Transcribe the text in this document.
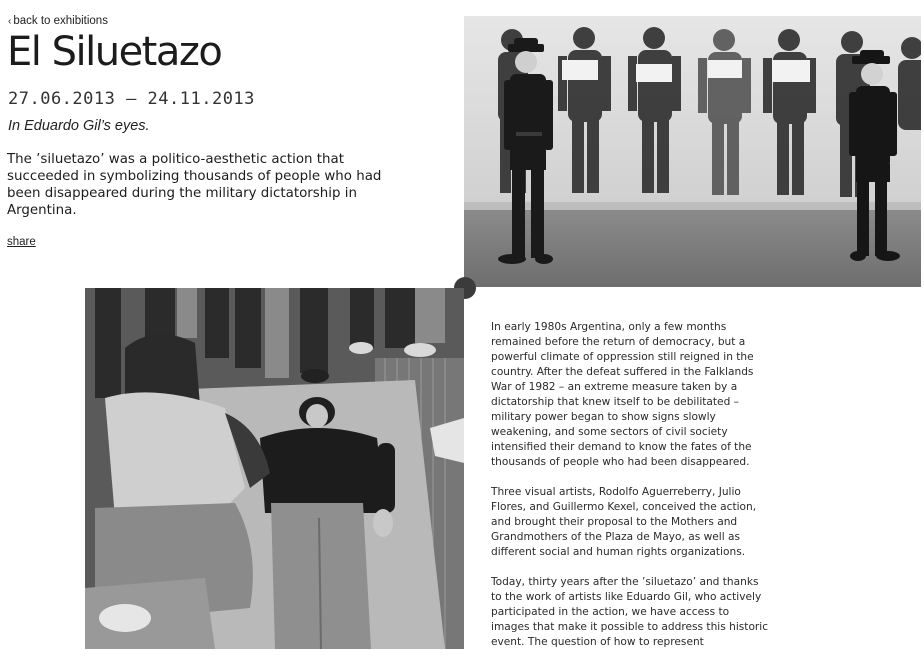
‹ back to exhibitions
El Siluetazo
27.06.2013 — 24.11.2013
In Eduardo Gil’s eyes.

The ’siluetazo’ was a politico-aesthetic action that succeeded in symbolizing thousands of people who had been disappeared during the military dictatorship in Argentina.

share

In early 1980s Argentina, only a few months remained before the return of democracy, but a powerful climate of oppression still reigned in the country. After the defeat suffered in the Falklands War of 1982 – an extreme measure taken by a dictatorship that knew itself to be debilitated – military power began to show signs slowly weakening, and some sectors of civil society intensified their demand to know the fates of the thousands of people who had been disappeared.

Three visual artists, Rodolfo Aguerreberry, Julio Flores, and Guillermo Kexel, conceived the action, and brought their proposal to the Mothers and Grandmothers of the Plaza de Mayo, as well as different social and human rights organizations.

Today, thirty years after the ’siluetazo’ and thanks to the work of artists like Eduardo Gil, who actively participated in the action, we have access to images that make it possible to address this historic event. The question of how to represent
